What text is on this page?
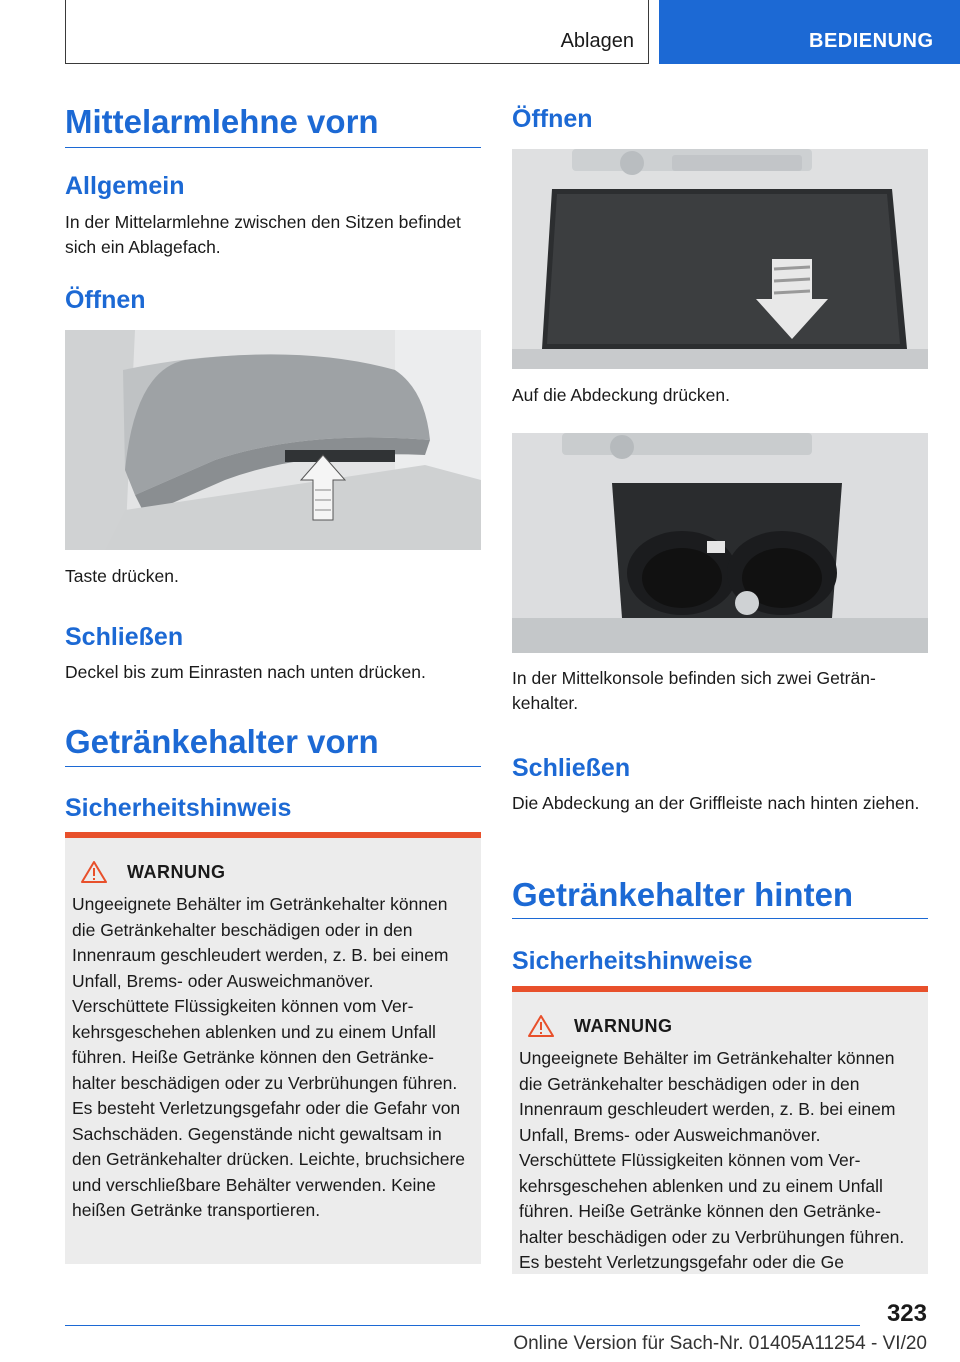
Ablagen	BEDIENUNG
Mittelarmlehne vorn
Allgemein
In der Mittelarmlehne zwischen den Sitzen befindet sich ein Ablagefach.
Öffnen
Taste drücken.
Schließen
Deckel bis zum Einrasten nach unten drücken.
Getränkehalter vorn
Sicherheitshinweis
WARNUNG
Ungeeignete Behälter im Getränkehalter können die Getränkehalter beschädigen oder in den Innenraum geschleudert werden, z. B. bei einem Unfall, Brems- oder Ausweichmanöver. Verschüttete Flüssigkeiten können vom Verkehrsgeschehen ablenken und zu einem Unfall führen. Heiße Getränke können den Getränkehalter beschädigen oder zu Verbrühungen führen. Es besteht Verletzungsgefahr oder die Gefahr von Sachschäden. Gegenstände nicht gewaltsam in den Getränkehalter drücken. Leichte, bruchsichere und verschließbare Behälter verwenden. Keine heißen Getränke transportieren.
Öffnen
Auf die Abdeckung drücken.
In der Mittelkonsole befinden sich zwei Getränkehalter.
Schließen
Die Abdeckung an der Griffleiste nach hinten ziehen.
Getränkehalter hinten
Sicherheitshinweise
WARNUNG
Ungeeignete Behälter im Getränkehalter können die Getränkehalter beschädigen oder in den Innenraum geschleudert werden, z. B. bei einem Unfall, Brems- oder Ausweichmanöver. Verschüttete Flüssigkeiten können vom Verkehrsgeschehen ablenken und zu einem Unfall führen. Heiße Getränke können den Getränkehalter beschädigen oder zu Verbrühungen führen. Es besteht Verletzungsgefahr oder die Ge
323
Online Version für Sach-Nr. 01405A11254 - VI/20
